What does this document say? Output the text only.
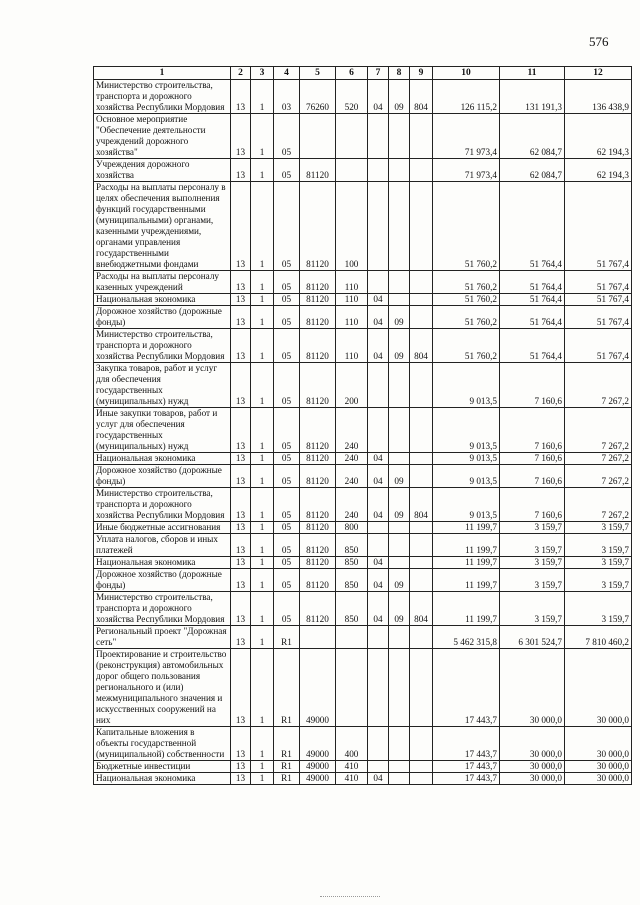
576
1	2	3	4	5	6	7	8	9	10	11	12
Министерство строительства, транспорта и дорожного хозяйства Республики Мордовия	13	1	03	76260	520	04	09	804	126 115,2	131 191,3	136 438,9
Основное мероприятие "Обеспечение деятельности учреждений дорожного хозяйства"	13	1	05						71 973,4	62 084,7	62 194,3
Учреждения дорожного хозяйства	13	1	05	81120					71 973,4	62 084,7	62 194,3
Расходы на выплаты персоналу в целях обеспечения выполнения функций государственными (муниципальными) органами, казенными учреждениями, органами управления государственными внебюджетными фондами	13	1	05	81120	100				51 760,2	51 764,4	51 767,4
Расходы на выплаты персоналу казенных учреждений	13	1	05	81120	110				51 760,2	51 764,4	51 767,4
Национальная экономика	13	1	05	81120	110	04			51 760,2	51 764,4	51 767,4
Дорожное хозяйство (дорожные фонды)	13	1	05	81120	110	04	09		51 760,2	51 764,4	51 767,4
Министерство строительства, транспорта и дорожного хозяйства Республики Мордовия	13	1	05	81120	110	04	09	804	51 760,2	51 764,4	51 767,4
Закупка товаров, работ и услуг для обеспечения государственных (муниципальных) нужд	13	1	05	81120	200				9 013,5	7 160,6	7 267,2
Иные закупки товаров, работ и услуг для обеспечения государственных (муниципальных) нужд	13	1	05	81120	240				9 013,5	7 160,6	7 267,2
Национальная экономика	13	1	05	81120	240	04			9 013,5	7 160,6	7 267,2
Дорожное хозяйство (дорожные фонды)	13	1	05	81120	240	04	09		9 013,5	7 160,6	7 267,2
Министерство строительства, транспорта и дорожного хозяйства Республики Мордовия	13	1	05	81120	240	04	09	804	9 013,5	7 160,6	7 267,2
Иные бюджетные ассигнования	13	1	05	81120	800				11 199,7	3 159,7	3 159,7
Уплата налогов, сборов и иных платежей	13	1	05	81120	850				11 199,7	3 159,7	3 159,7
Национальная экономика	13	1	05	81120	850	04			11 199,7	3 159,7	3 159,7
Дорожное хозяйство (дорожные фонды)	13	1	05	81120	850	04	09		11 199,7	3 159,7	3 159,7
Министерство строительства, транспорта и дорожного хозяйства Республики Мордовия	13	1	05	81120	850	04	09	804	11 199,7	3 159,7	3 159,7
Региональный проект "Дорожная сеть"	13	1	R1						5 462 315,8	6 301 524,7	7 810 460,2
Проектирование и строительство (реконструкция) автомобильных дорог общего пользования регионального и (или) межмуниципального значения и искусственных сооружений на них	13	1	R1	49000					17 443,7	30 000,0	30 000,0
Капитальные вложения в объекты государственной (муниципальной) собственности	13	1	R1	49000	400				17 443,7	30 000,0	30 000,0
Бюджетные инвестиции	13	1	R1	49000	410				17 443,7	30 000,0	30 000,0
Национальная экономика	13	1	R1	49000	410	04			17 443,7	30 000,0	30 000,0
